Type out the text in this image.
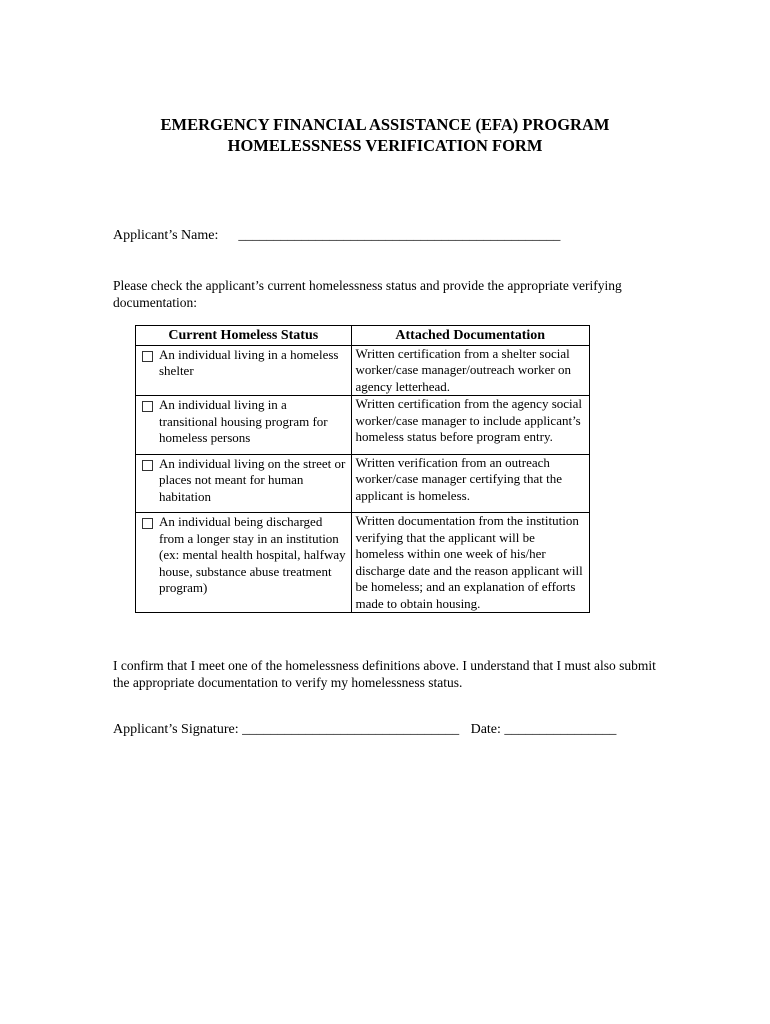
EMERGENCY FINANCIAL ASSISTANCE (EFA) PROGRAM
HOMELESSNESS VERIFICATION FORM
Applicant’s Name: ______________________________________________
Please check the applicant’s current homelessness status and provide the appropriate verifying documentation:
Current Homeless Status	Attached Documentation

An individual living in a homeless shelter	Written certification from a shelter social worker/case manager/outreach worker on agency letterhead.

An individual living in a transitional housing program for homeless persons	Written certification from the agency social worker/case manager to include applicant’s homeless status before program entry.

An individual living on the street or places not meant for human habitation	Written verification from an outreach worker/case manager certifying that the applicant is homeless.

An individual being discharged from a longer stay in an institution (ex: mental health hospital, halfway house, substance abuse treatment program)	Written documentation from the institution verifying that the applicant will be homeless within one week of his/her discharge date and the reason applicant will be homeless; and an explanation of efforts made to obtain housing.
I confirm that I meet one of the homelessness definitions above. I understand that I must also submit the appropriate documentation to verify my homelessness status.
Applicant’s Signature: _______________________________ Date: ________________
